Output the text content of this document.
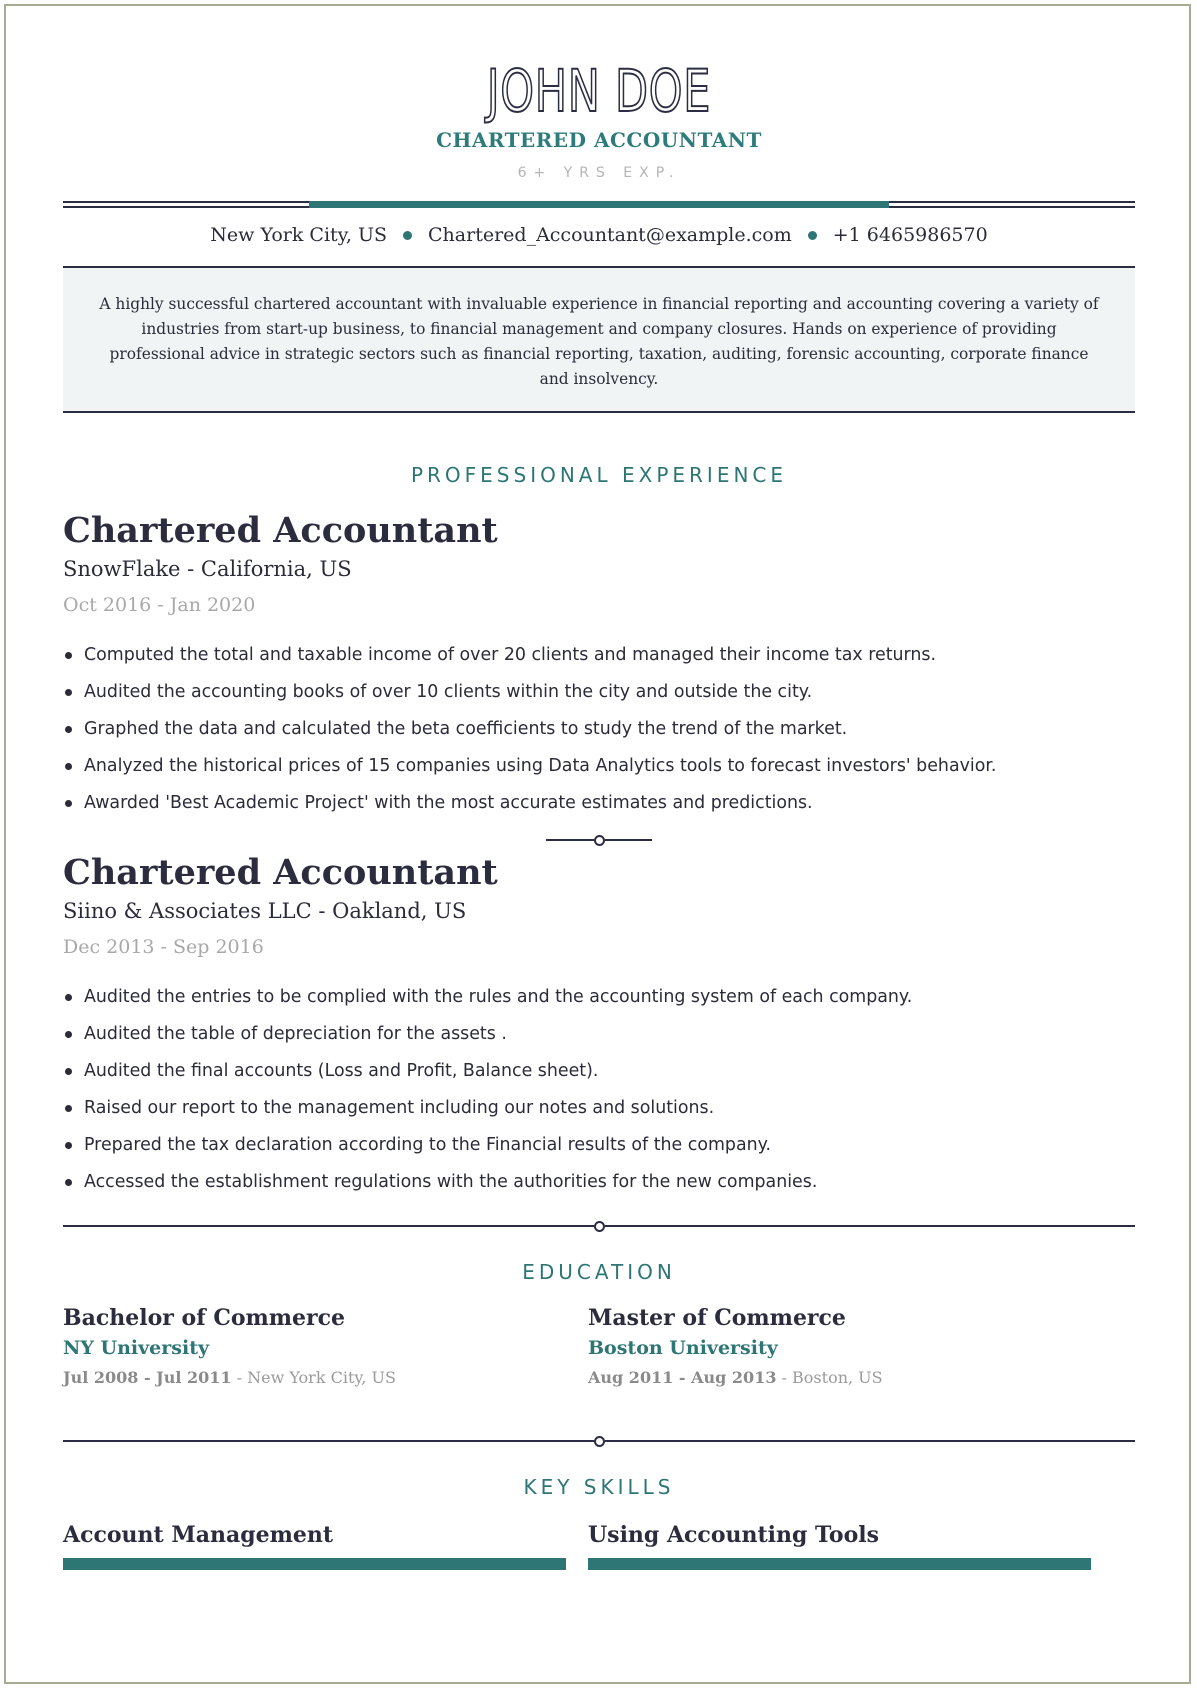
JOHN DOE
CHARTERED ACCOUNTANT
6+ YRS EXP.
New York City, US Chartered_Accountant@example.com +1 6465986570
A highly successful chartered accountant with invaluable experience in financial reporting and accounting covering a variety of industries from start-up business, to financial management and company closures. Hands on experience of providing professional advice in strategic sectors such as financial reporting, taxation, auditing, forensic accounting, corporate finance and insolvency.
PROFESSIONAL EXPERIENCE
Chartered Accountant
SnowFlake - California, US
Oct 2016 - Jan 2020
Computed the total and taxable income of over 20 clients and managed their income tax returns.
Audited the accounting books of over 10 clients within the city and outside the city.
Graphed the data and calculated the beta coefficients to study the trend of the market.
Analyzed the historical prices of 15 companies using Data Analytics tools to forecast investors' behavior.
Awarded 'Best Academic Project' with the most accurate estimates and predictions.
Chartered Accountant
Siino & Associates LLC - Oakland, US
Dec 2013 - Sep 2016
Audited the entries to be complied with the rules and the accounting system of each company.
Audited the table of depreciation for the assets .
Audited the final accounts (Loss and Profit, Balance sheet).
Raised our report to the management including our notes and solutions.
Prepared the tax declaration according to the Financial results of the company.
Accessed the establishment regulations with the authorities for the new companies.
EDUCATION
Bachelor of Commerce
NY University
Jul 2008 - Jul 2011 - New York City, US
Master of Commerce
Boston University
Aug 2011 - Aug 2013 - Boston, US
KEY SKILLS
Account Management	Using Accounting Tools
